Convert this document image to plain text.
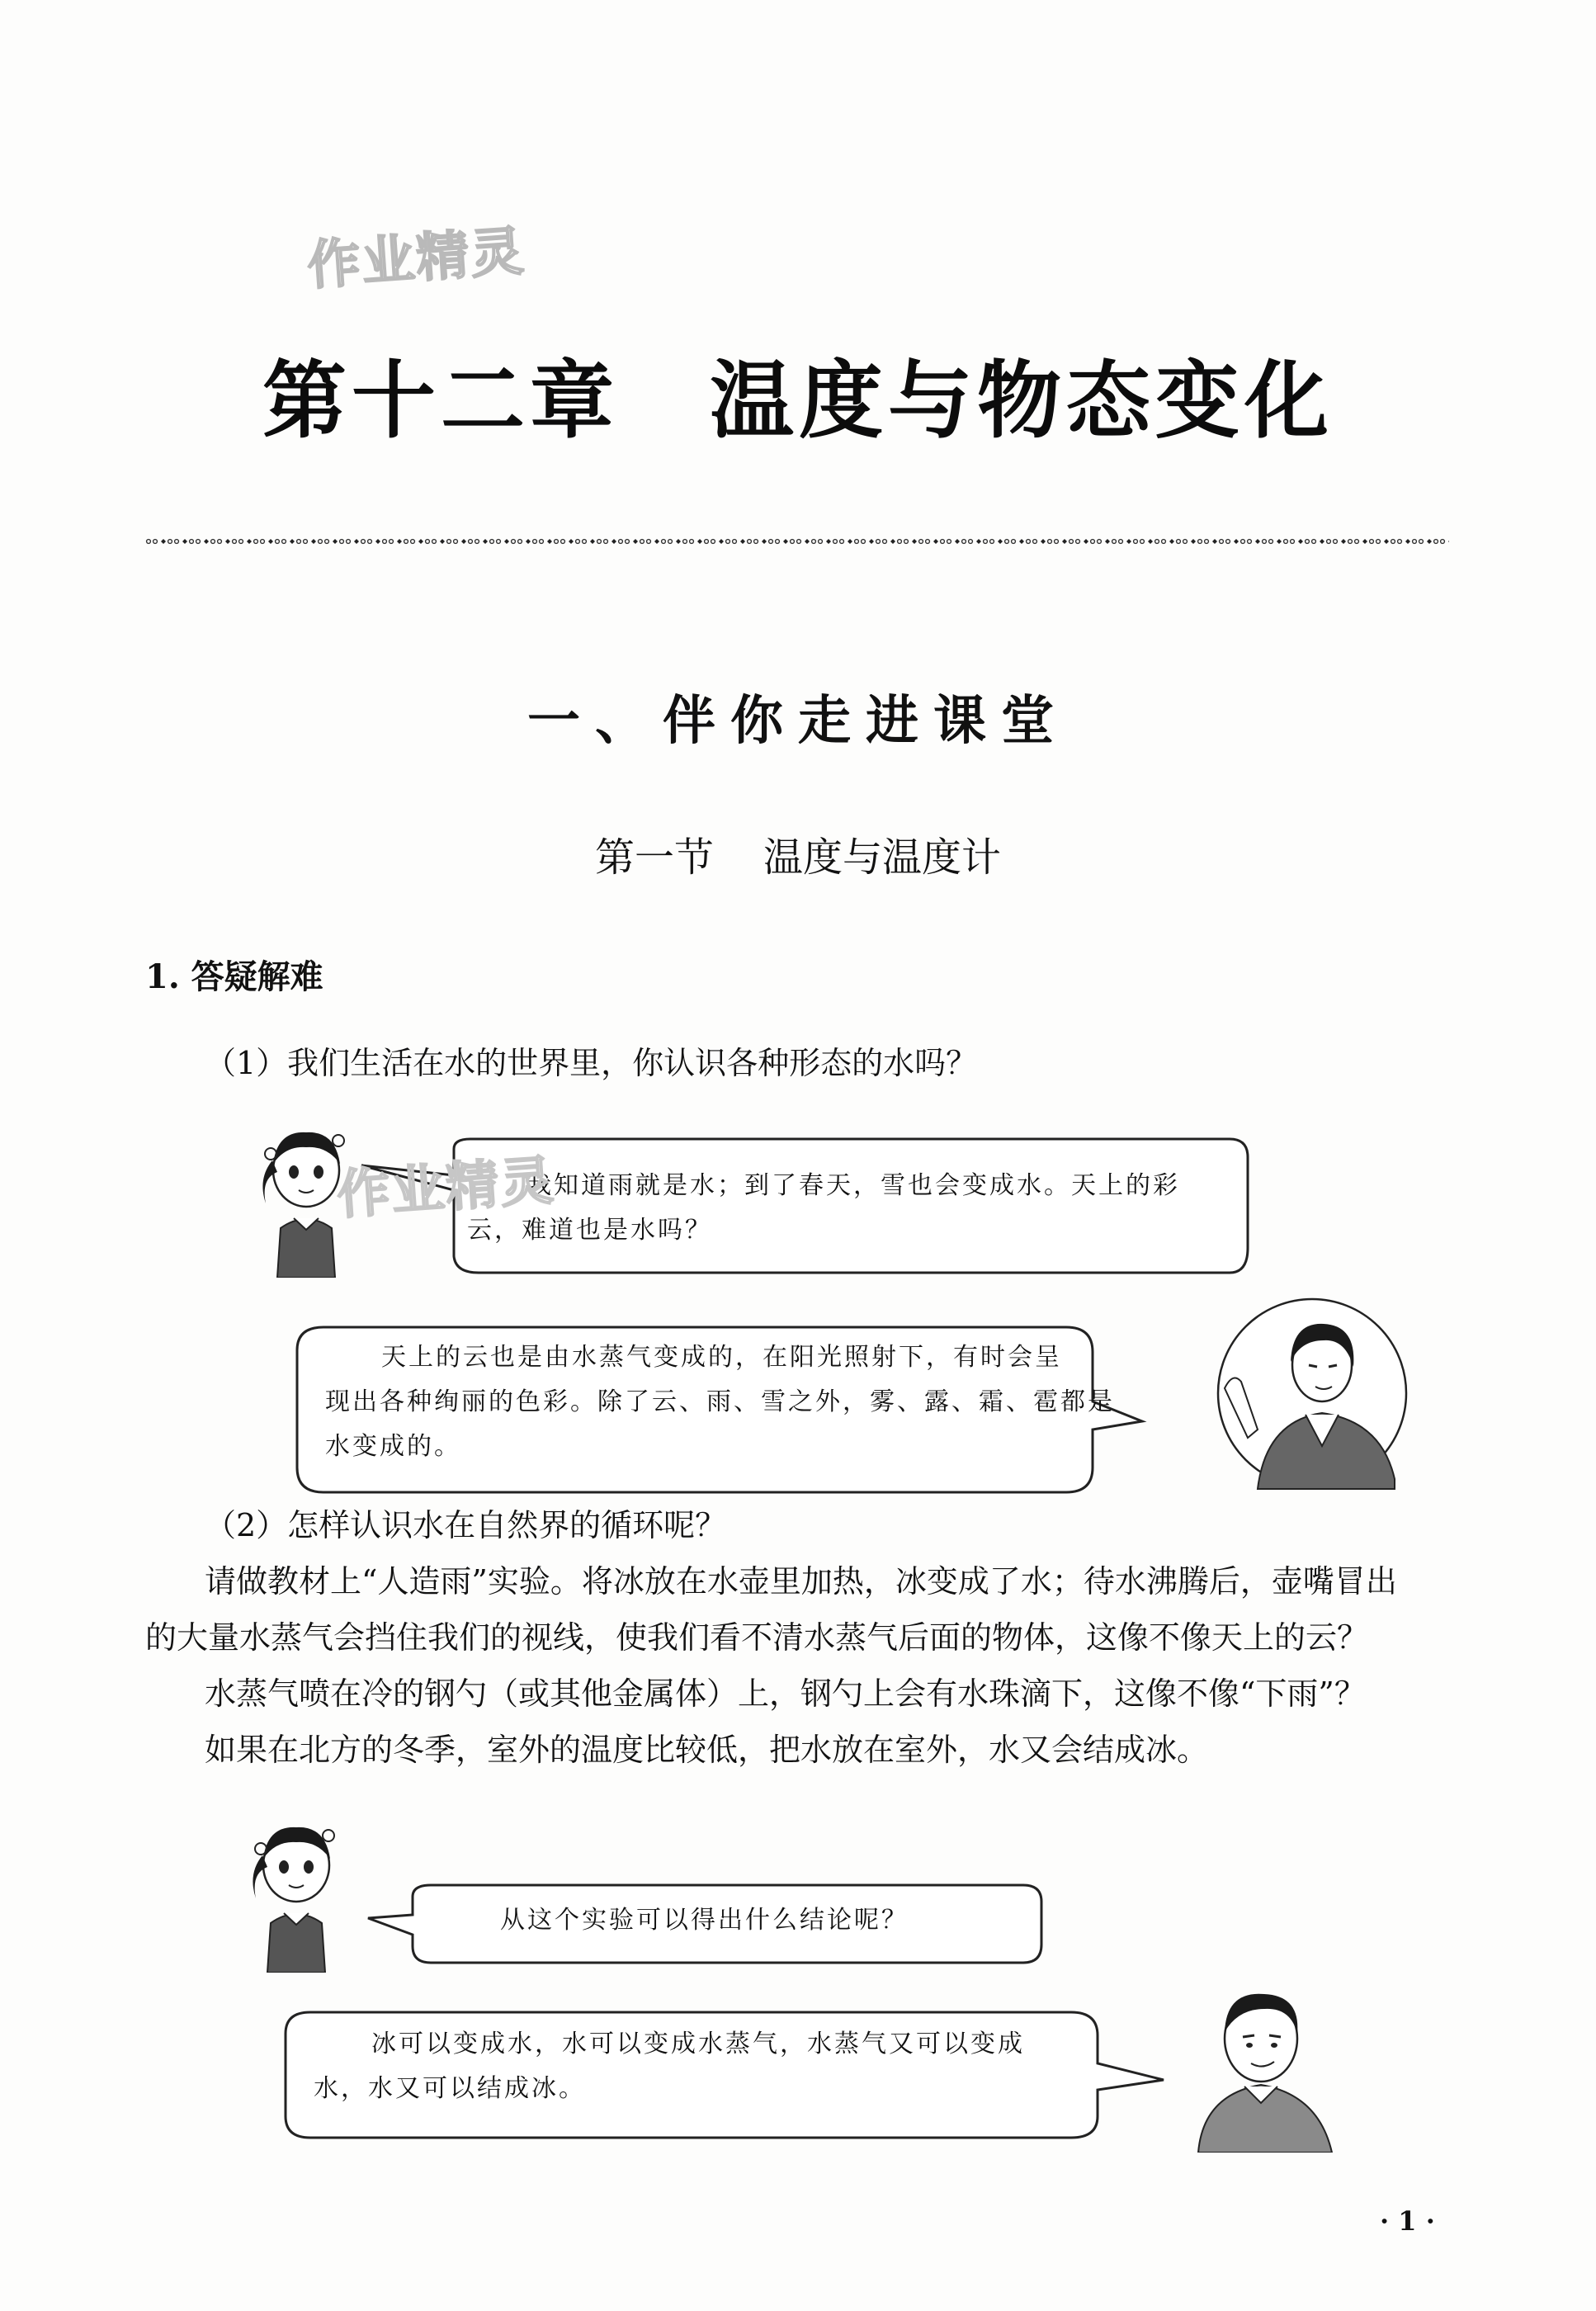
作业精灵
第十二章 温度与物态变化
一、伴你走进课堂
第一节 温度与温度计
1. 答疑解难
（1）我们生活在水的世界里，你认识各种形态的水吗？
我知道雨就是水；到了春天，雪也会变成水。天上的彩
云，难道也是水吗？
作业精灵
天上的云也是由水蒸气变成的，在阳光照射下，有时会呈
现出各种绚丽的色彩。除了云、雨、雪之外，雾、露、霜、雹都是
水变成的。
（2）怎样认识水在自然界的循环呢？
请做教材上“人造雨”实验。将冰放在水壶里加热，冰变成了水；待水沸腾后，壶嘴冒出
的大量水蒸气会挡住我们的视线，使我们看不清水蒸气后面的物体，这像不像天上的云？
水蒸气喷在冷的钢勺（或其他金属体）上，钢勺上会有水珠滴下，这像不像“下雨”？
如果在北方的冬季，室外的温度比较低，把水放在室外，水又会结成冰。
从这个实验可以得出什么结论呢？
冰可以变成水，水可以变成水蒸气，水蒸气又可以变成
水，水又可以结成冰。
· 1 ·
